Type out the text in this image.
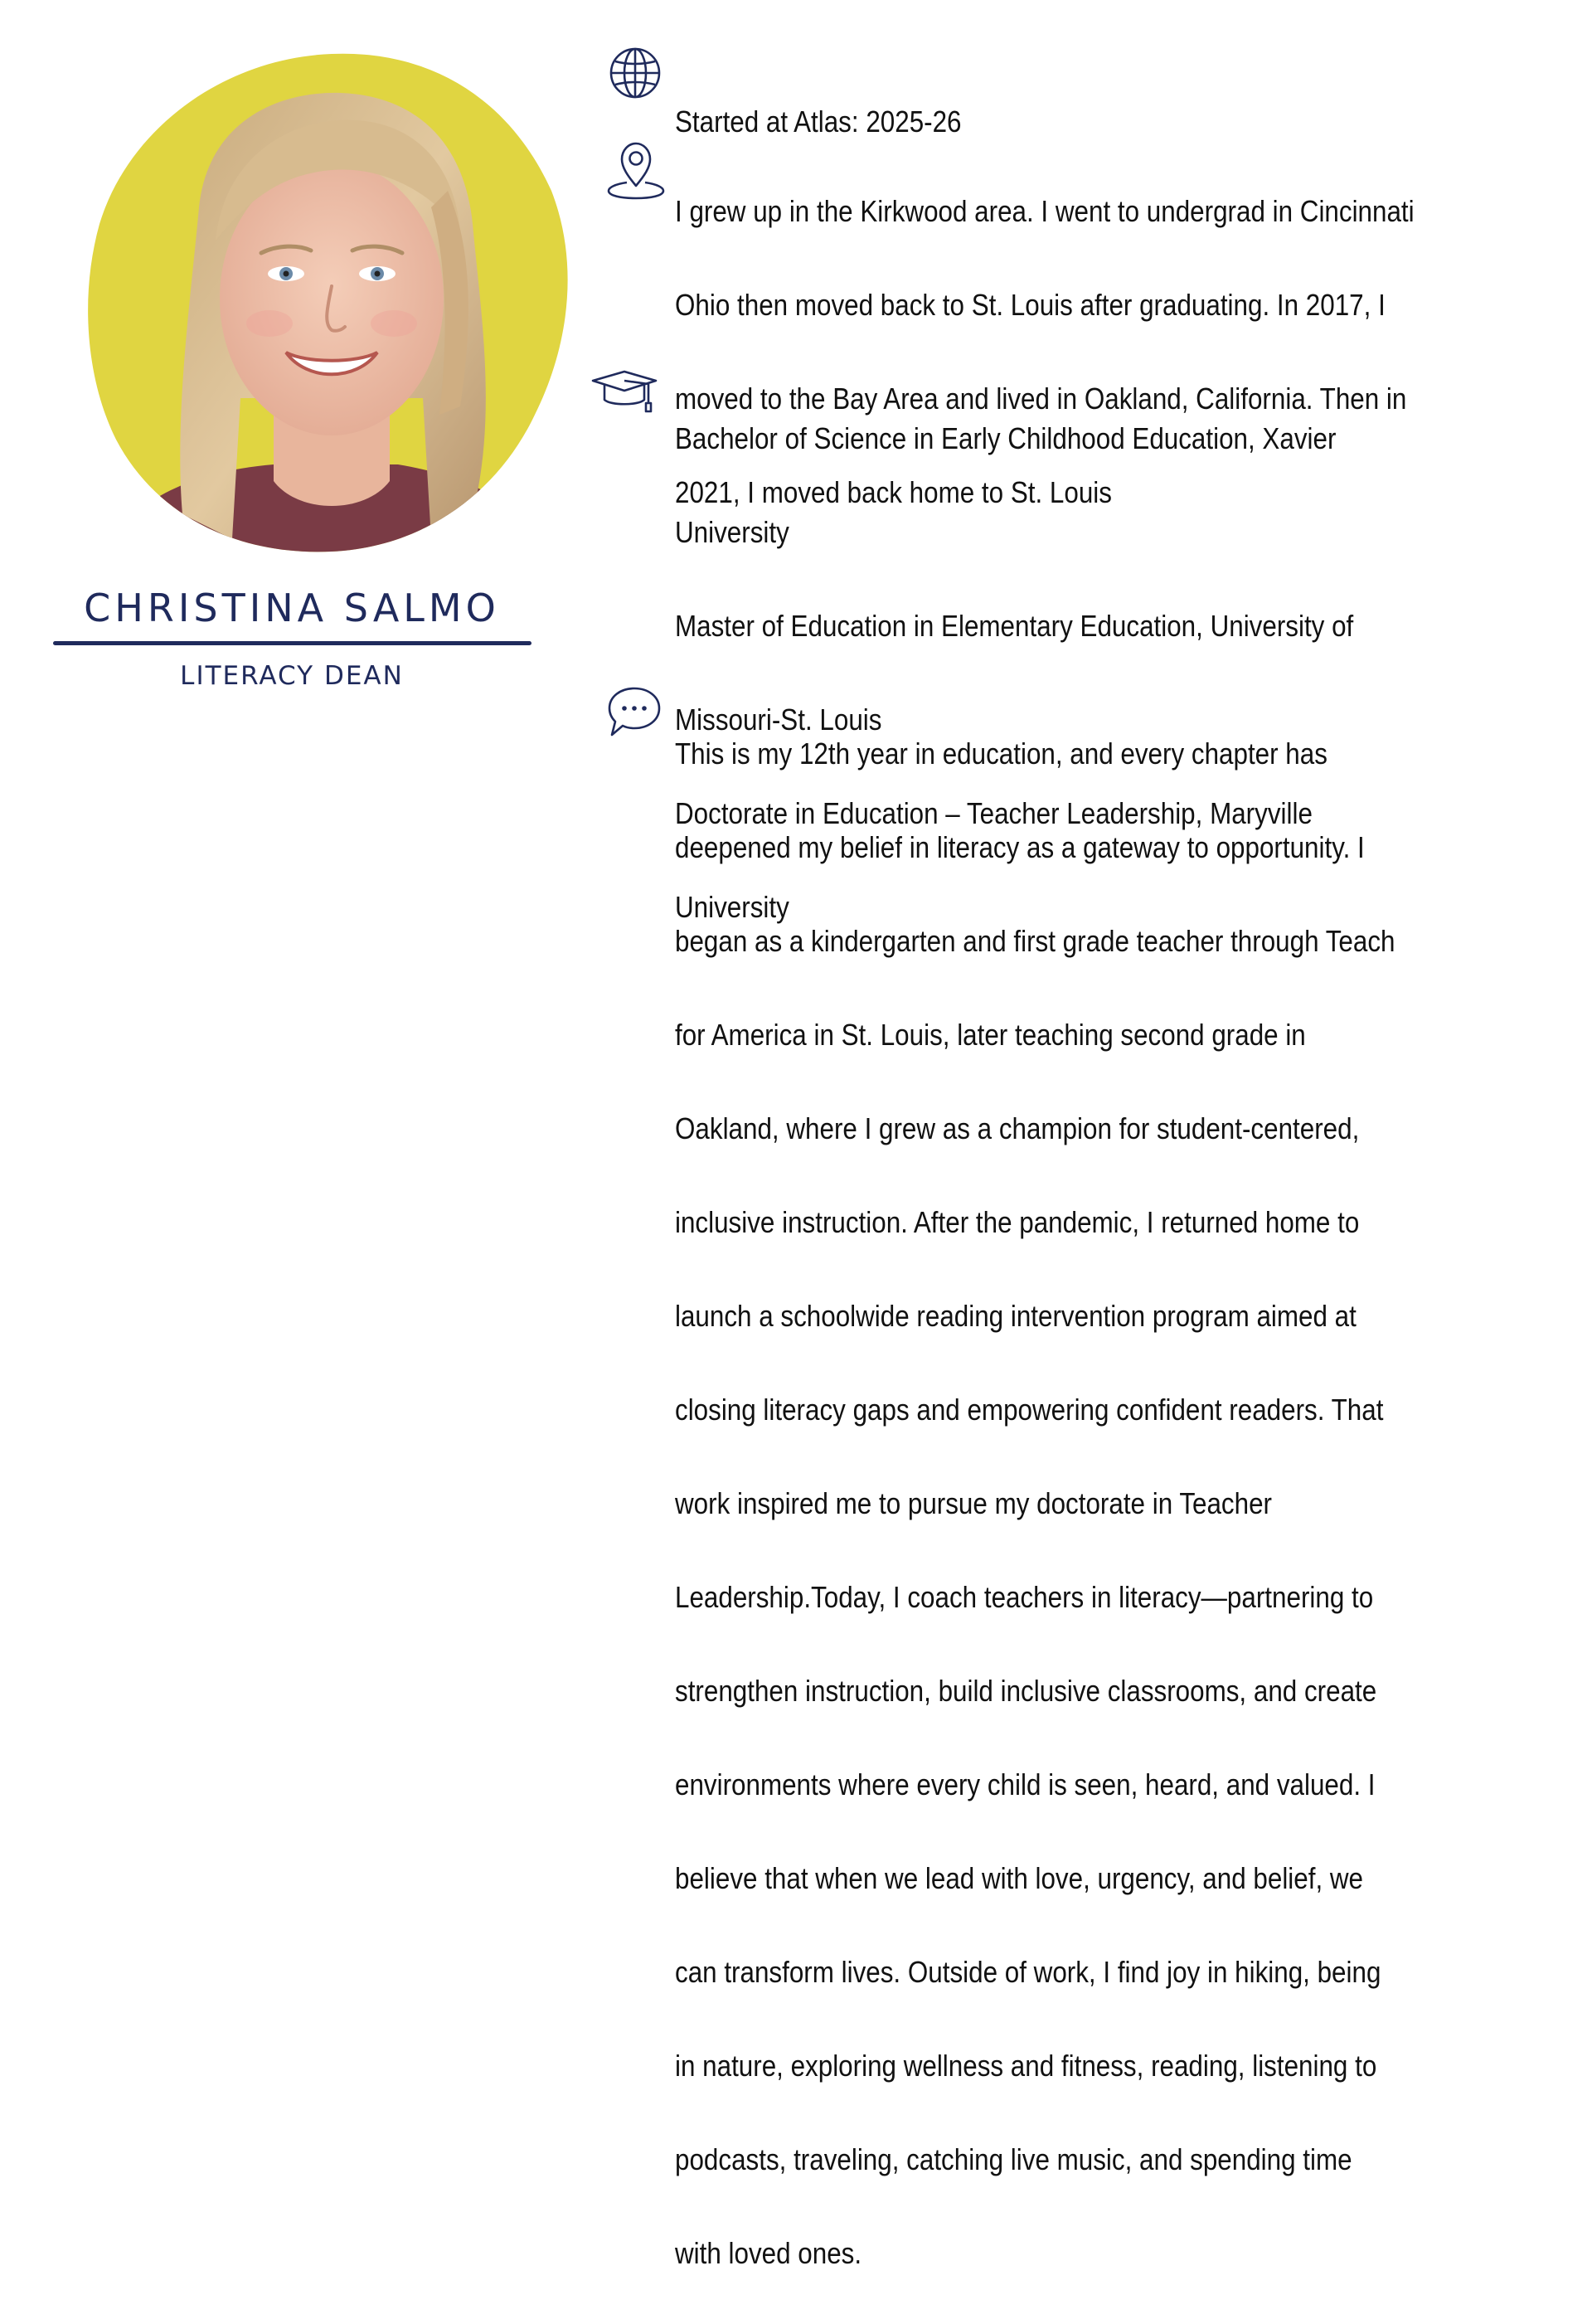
CHRISTINA SALMO
LITERACY DEAN

Started at Atlas: 2025-26

I grew up in the Kirkwood area. I went to undergrad in Cincinnati

Ohio then moved back to St. Louis after graduating. In 2017, I

moved to the Bay Area and lived in Oakland, California. Then in

2021, I moved back home to St. Louis

Bachelor of Science in Early Childhood Education, Xavier

University

Master of Education in Elementary Education, University of

Missouri-St. Louis

Doctorate in Education – Teacher Leadership, Maryville

University

This is my 12th year in education, and every chapter has

deepened my belief in literacy as a gateway to opportunity. I

began as a kindergarten and first grade teacher through Teach

for America in St. Louis, later teaching second grade in

Oakland, where I grew as a champion for student-centered,

inclusive instruction. After the pandemic, I returned home to

launch a schoolwide reading intervention program aimed at

closing literacy gaps and empowering confident readers. That

work inspired me to pursue my doctorate in Teacher

Leadership.Today, I coach teachers in literacy—partnering to

strengthen instruction, build inclusive classrooms, and create

environments where every child is seen, heard, and valued. I

believe that when we lead with love, urgency, and belief, we

can transform lives. Outside of work, I find joy in hiking, being

in nature, exploring wellness and fitness, reading, listening to

podcasts, traveling, catching live music, and spending time

with loved ones.
